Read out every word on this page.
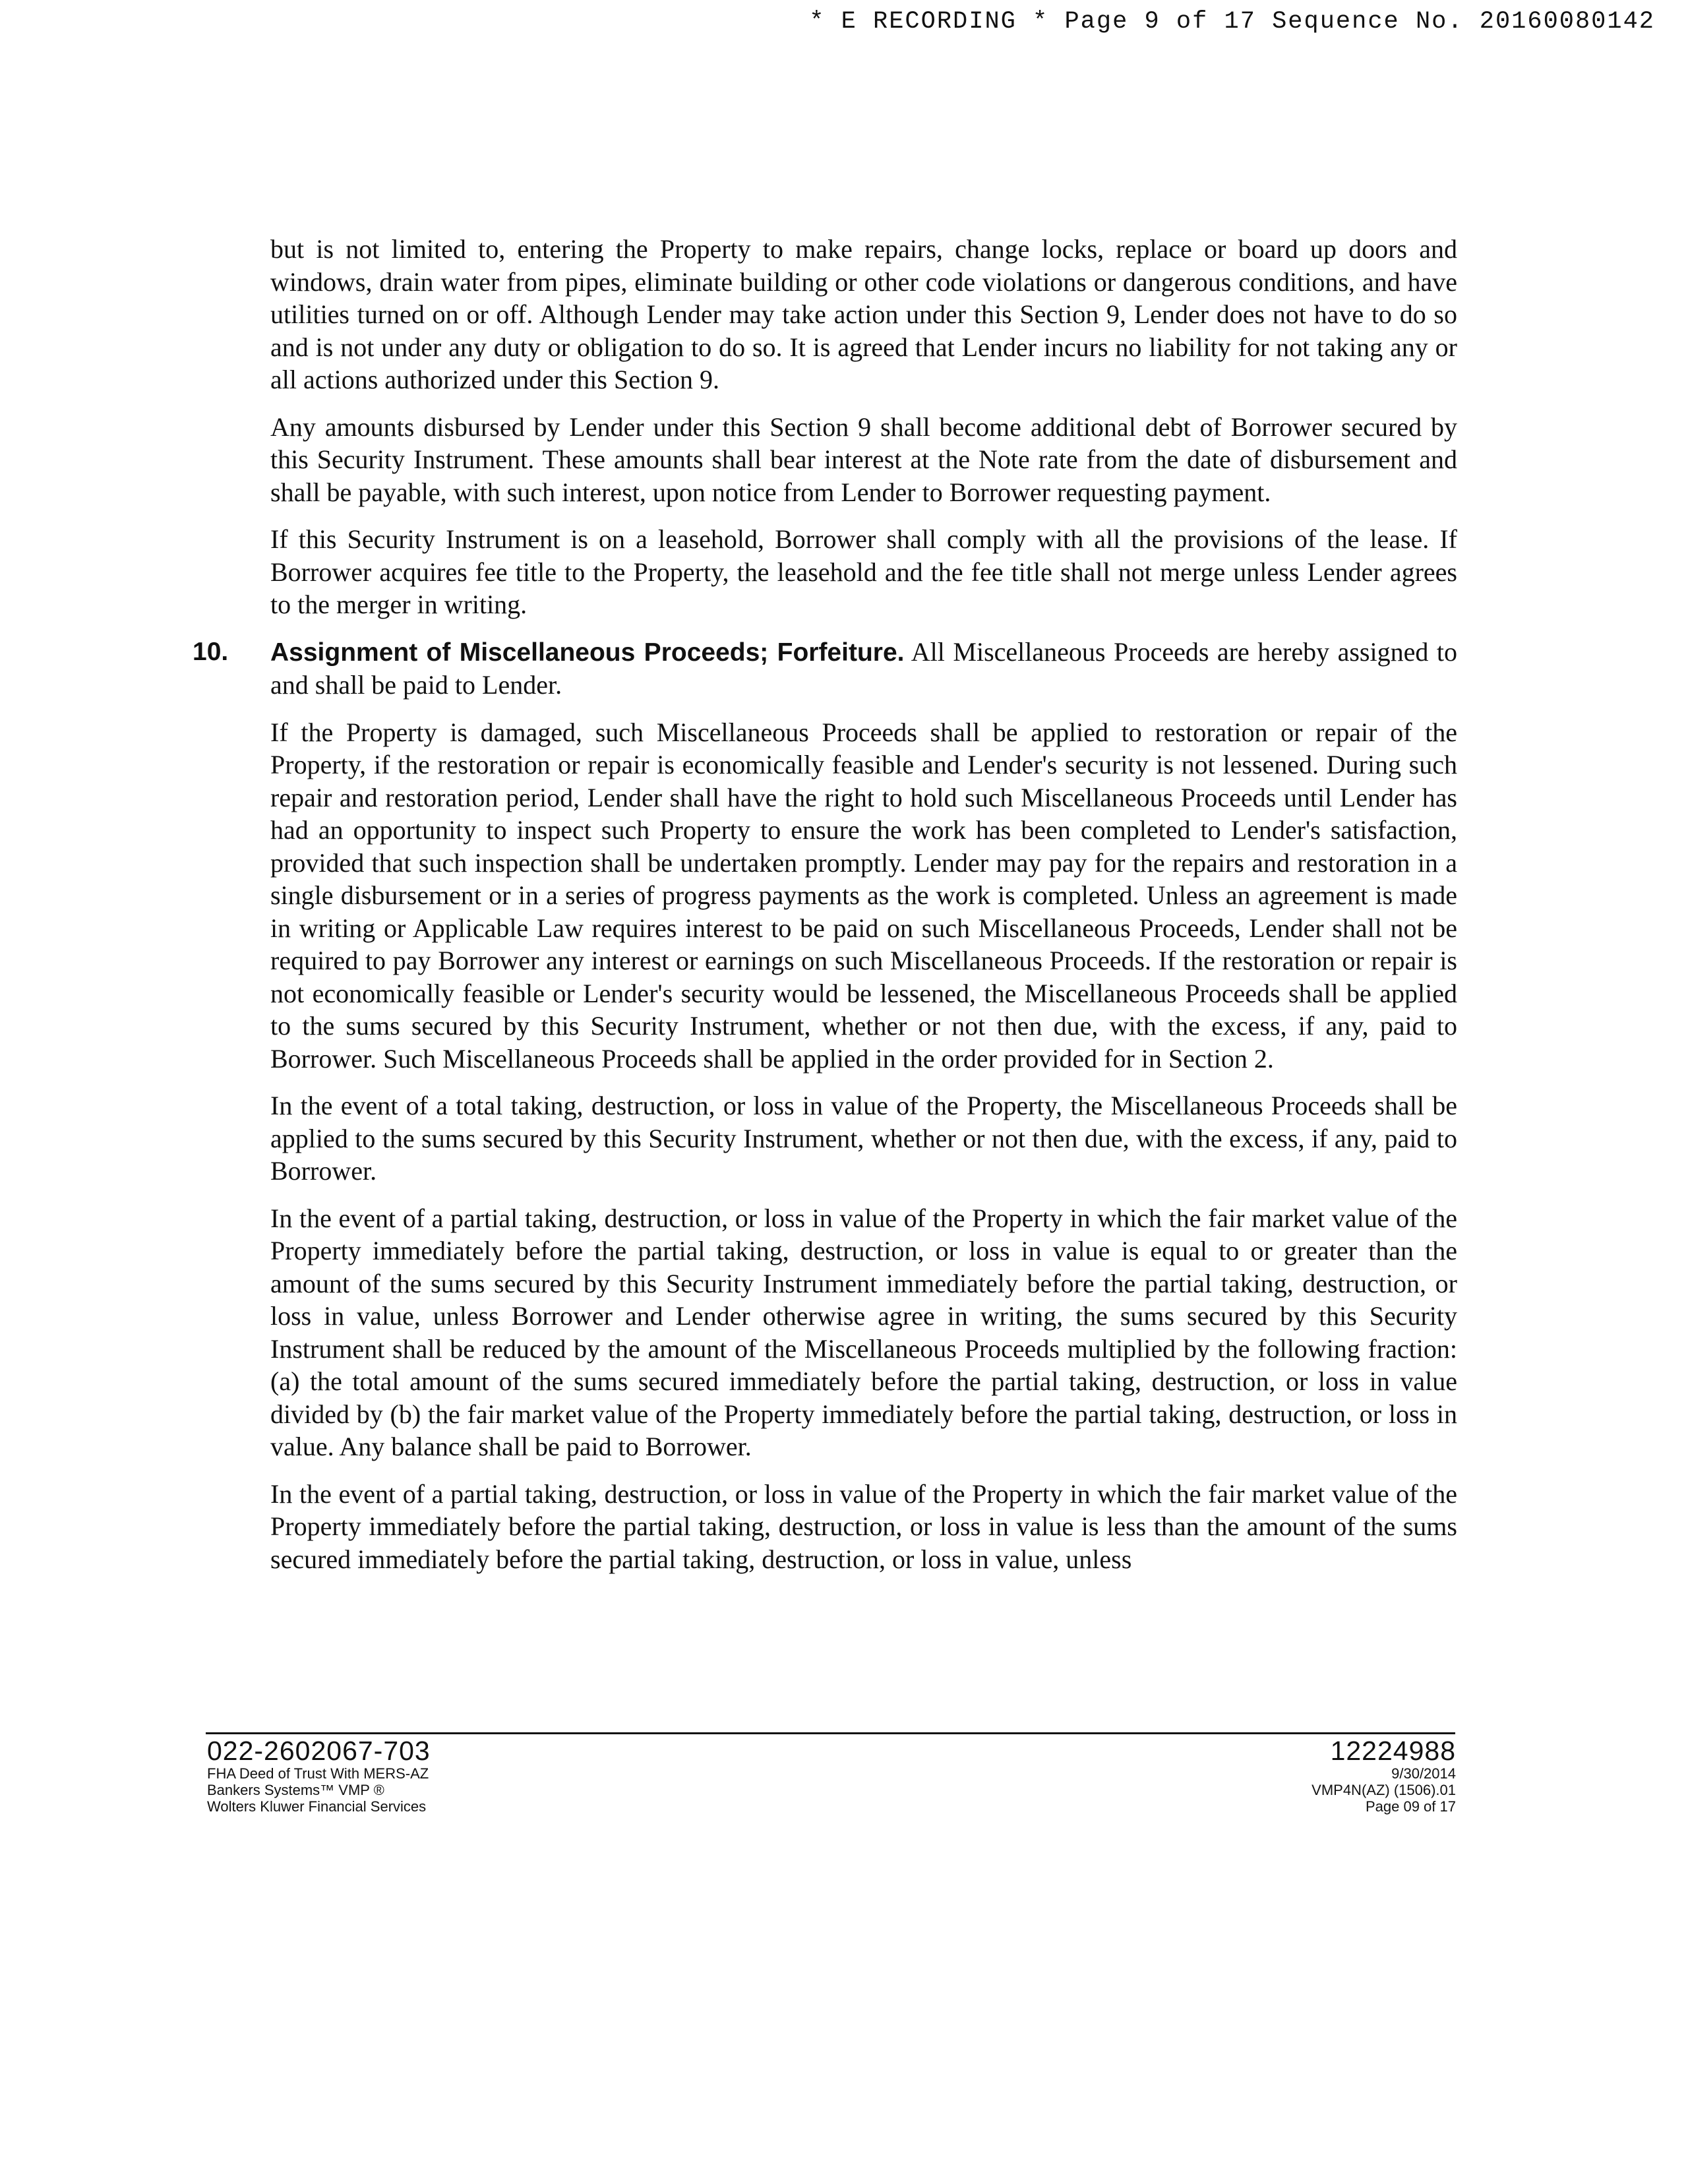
* E RECORDING * Page 9 of 17 Sequence No. 20160080142

but is not limited to, entering the Property to make repairs, change locks, replace or board up doors and windows, drain water from pipes, eliminate building or other code violations or dangerous conditions, and have utilities turned on or off. Although Lender may take action under this Section 9, Lender does not have to do so and is not under any duty or obligation to do so. It is agreed that Lender incurs no liability for not taking any or all actions authorized under this Section 9.

Any amounts disbursed by Lender under this Section 9 shall become additional debt of Borrower secured by this Security Instrument. These amounts shall bear interest at the Note rate from the date of disbursement and shall be payable, with such interest, upon notice from Lender to Borrower requesting payment.

If this Security Instrument is on a leasehold, Borrower shall comply with all the provisions of the lease. If Borrower acquires fee title to the Property, the leasehold and the fee title shall not merge unless Lender agrees to the merger in writing.

10. Assignment of Miscellaneous Proceeds; Forfeiture. All Miscellaneous Proceeds are hereby assigned to and shall be paid to Lender.

If the Property is damaged, such Miscellaneous Proceeds shall be applied to restoration or repair of the Property, if the restoration or repair is economically feasible and Lender's security is not lessened. During such repair and restoration period, Lender shall have the right to hold such Miscellaneous Proceeds until Lender has had an opportunity to inspect such Property to ensure the work has been completed to Lender's satisfaction, provided that such inspection shall be undertaken promptly. Lender may pay for the repairs and restoration in a single disbursement or in a series of progress payments as the work is completed. Unless an agreement is made in writing or Applicable Law requires interest to be paid on such Miscellaneous Proceeds, Lender shall not be required to pay Borrower any interest or earnings on such Miscellaneous Proceeds. If the restoration or repair is not economically feasible or Lender's security would be lessened, the Miscellaneous Proceeds shall be applied to the sums secured by this Security Instrument, whether or not then due, with the excess, if any, paid to Borrower. Such Miscellaneous Proceeds shall be applied in the order provided for in Section 2.

In the event of a total taking, destruction, or loss in value of the Property, the Miscellaneous Proceeds shall be applied to the sums secured by this Security Instrument, whether or not then due, with the excess, if any, paid to Borrower.

In the event of a partial taking, destruction, or loss in value of the Property in which the fair market value of the Property immediately before the partial taking, destruction, or loss in value is equal to or greater than the amount of the sums secured by this Security Instrument immediately before the partial taking, destruction, or loss in value, unless Borrower and Lender otherwise agree in writing, the sums secured by this Security Instrument shall be reduced by the amount of the Miscellaneous Proceeds multiplied by the following fraction: (a) the total amount of the sums secured immediately before the partial taking, destruction, or loss in value divided by (b) the fair market value of the Property immediately before the partial taking, destruction, or loss in value. Any balance shall be paid to Borrower.

In the event of a partial taking, destruction, or loss in value of the Property in which the fair market value of the Property immediately before the partial taking, destruction, or loss in value is less than the amount of the sums secured immediately before the partial taking, destruction, or loss in value, unless

022-2602067-703
FHA Deed of Trust With MERS-AZ
Bankers Systems™ VMP ®
Wolters Kluwer Financial Services
12224988
9/30/2014
VMP4N(AZ) (1506).01
Page 09 of 17
